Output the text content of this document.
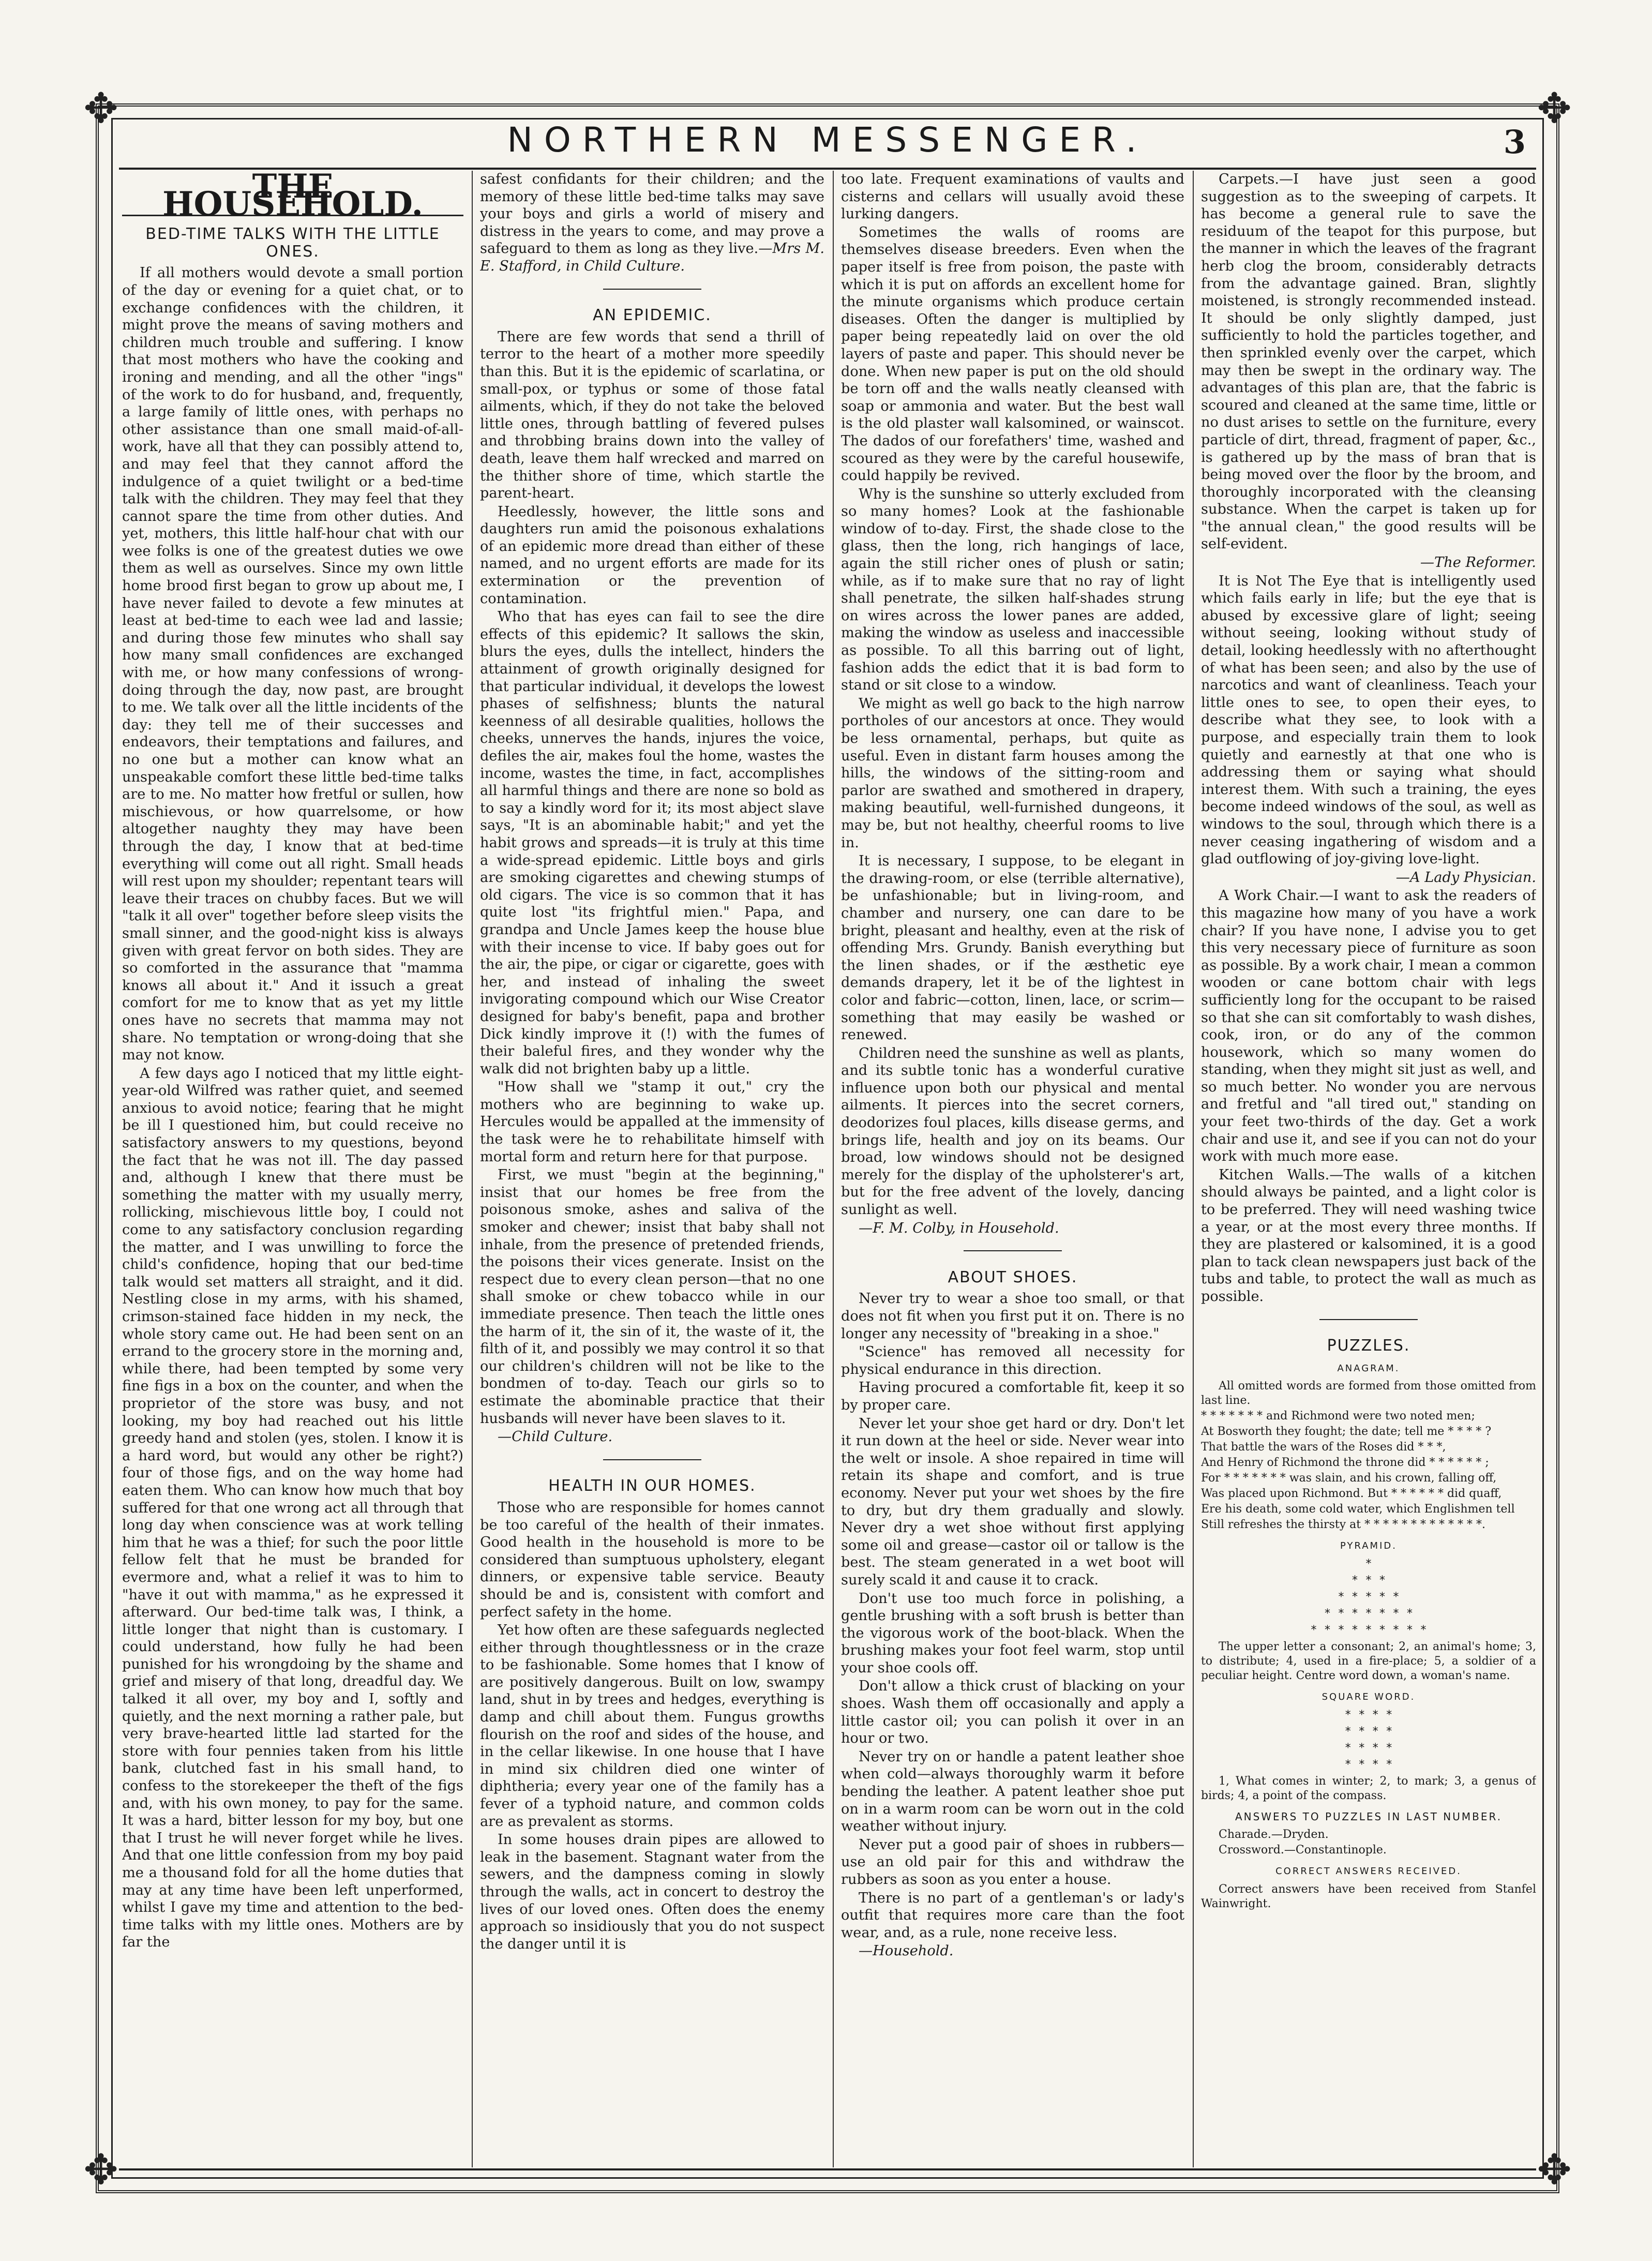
✥	✥
✥	✥
NORTHERN MESSENGER.	3
THE HOUSEHOLD.
BED-TIME TALKS WITH THE LITTLE ONES.

If all mothers would devote a small portion of the day or evening for a quiet chat, or to exchange confidences with the children, it might prove the means of saving mothers and children much trouble and suffering. I know that most mothers who have the cooking and ironing and mending, and all the other "ings" of the work to do for husband, and, frequently, a large family of little ones, with perhaps no other assistance than one small maid-of-all-work, have all that they can possibly attend to, and may feel that they cannot afford the indulgence of a quiet twilight or a bed-time talk with the children. They may feel that they cannot spare the time from other duties. And yet, mothers, this little half-hour chat with our wee folks is one of the greatest duties we owe them as well as ourselves. Since my own little home brood first began to grow up about me, I have never failed to devote a few minutes at least at bed-time to each wee lad and lassie; and during those few minutes who shall say how many small confidences are exchanged with me, or how many confessions of wrong-doing through the day, now past, are brought to me. We talk over all the little incidents of the day: they tell me of their successes and endeavors, their temptations and failures, and no one but a mother can know what an unspeakable comfort these little bed-time talks are to me. No matter how fretful or sullen, how mischievous, or how quarrelsome, or how altogether naughty they may have been through the day, I know that at bed-time everything will come out all right. Small heads will rest upon my shoulder; repentant tears will leave their traces on chubby faces. But we will "talk it all over" together before sleep visits the small sinner, and the good-night kiss is always given with great fervor on both sides. They are so comforted in the assurance that "mamma knows all about it." And it issuch a great comfort for me to know that as yet my little ones have no secrets that mamma may not share. No temptation or wrong-doing that she may not know.

A few days ago I noticed that my little eight-year-old Wilfred was rather quiet, and seemed anxious to avoid notice; fearing that he might be ill I questioned him, but could receive no satisfactory answers to my questions, beyond the fact that he was not ill. The day passed and, although I knew that there must be something the matter with my usually merry, rollicking, mischievous little boy, I could not come to any satisfactory conclusion regarding the matter, and I was unwilling to force the child's confidence, hoping that our bed-time talk would set matters all straight, and it did. Nestling close in my arms, with his shamed, crimson-stained face hidden in my neck, the whole story came out. He had been sent on an errand to the grocery store in the morning and, while there, had been tempted by some very fine figs in a box on the counter, and when the proprietor of the store was busy, and not looking, my boy had reached out his little greedy hand and stolen (yes, stolen. I know it is a hard word, but would any other be right?) four of those figs, and on the way home had eaten them. Who can know how much that boy suffered for that one wrong act all through that long day when conscience was at work telling him that he was a thief; for such the poor little fellow felt that he must be branded for evermore and, what a relief it was to him to "have it out with mamma," as he expressed it afterward. Our bed-time talk was, I think, a little longer that night than is customary. I could understand, how fully he had been punished for his wrongdoing by the shame and grief and misery of that long, dreadful day. We talked it all over, my boy and I, softly and quietly, and the next morning a rather pale, but very brave-hearted little lad started for the store with four pennies taken from his little bank, clutched fast in his small hand, to confess to the storekeeper the theft of the figs and, with his own money, to pay for the same. It was a hard, bitter lesson for my boy, but one that I trust he will never forget while he lives. And that one little confession from my boy paid me a thousand fold for all the home duties that may at any time have been left unperformed, whilst I gave my time and attention to the bed-time talks with my little ones. Mothers are by far the

safest confidants for their children; and the memory of these little bed-time talks may save your boys and girls a world of misery and distress in the years to come, and may prove a safeguard to them as long as they live.—Mrs M. E. Stafford, in Child Culture.

AN EPIDEMIC.

There are few words that send a thrill of terror to the heart of a mother more speedily than this. But it is the epidemic of scarlatina, or small-pox, or typhus or some of those fatal ailments, which, if they do not take the beloved little ones, through battling of fevered pulses and throbbing brains down into the valley of death, leave them half wrecked and marred on the thither shore of time, which startle the parent-heart.

Heedlessly, however, the little sons and daughters run amid the poisonous exhalations of an epidemic more dread than either of these named, and no urgent efforts are made for its extermination or the prevention of contamination.

Who that has eyes can fail to see the dire effects of this epidemic? It sallows the skin, blurs the eyes, dulls the intellect, hinders the attainment of growth originally designed for that particular individual, it develops the lowest phases of selfishness; blunts the natural keenness of all desirable qualities, hollows the cheeks, unnerves the hands, injures the voice, defiles the air, makes foul the home, wastes the income, wastes the time, in fact, accomplishes all harmful things and there are none so bold as to say a kindly word for it; its most abject slave says, "It is an abominable habit;" and yet the habit grows and spreads—it is truly at this time a wide-spread epidemic. Little boys and girls are smoking cigarettes and chewing stumps of old cigars. The vice is so common that it has quite lost "its frightful mien." Papa, and grandpa and Uncle James keep the house blue with their incense to vice. If baby goes out for the air, the pipe, or cigar or cigarette, goes with her, and instead of inhaling the sweet invigorating compound which our Wise Creator designed for baby's benefit, papa and brother Dick kindly improve it (!) with the fumes of their baleful fires, and they wonder why the walk did not brighten baby up a little.

"How shall we "stamp it out," cry the mothers who are beginning to wake up. Hercules would be appalled at the immensity of the task were he to rehabilitate himself with mortal form and return here for that purpose.

First, we must "begin at the beginning," insist that our homes be free from the poisonous smoke, ashes and saliva of the smoker and chewer; insist that baby shall not inhale, from the presence of pretended friends, the poisons their vices generate. Insist on the respect due to every clean person—that no one shall smoke or chew tobacco while in our immediate presence. Then teach the little ones the harm of it, the sin of it, the waste of it, the filth of it, and possibly we may control it so that our children's children will not be like to the bondmen of to-day. Teach our girls so to estimate the abominable practice that their husbands will never have been slaves to it.

—Child Culture.

HEALTH IN OUR HOMES.

Those who are responsible for homes cannot be too careful of the health of their inmates. Good health in the household is more to be considered than sumptuous upholstery, elegant dinners, or expensive table service. Beauty should be and is, consistent with comfort and perfect safety in the home.

Yet how often are these safeguards neglected either through thoughtlessness or in the craze to be fashionable. Some homes that I know of are positively dangerous. Built on low, swampy land, shut in by trees and hedges, everything is damp and chill about them. Fungus growths flourish on the roof and sides of the house, and in the cellar likewise. In one house that I have in mind six children died one winter of diphtheria; every year one of the family has a fever of a typhoid nature, and common colds are as prevalent as storms.

In some houses drain pipes are allowed to leak in the basement. Stagnant water from the sewers, and the dampness coming in slowly through the walls, act in concert to destroy the lives of our loved ones. Often does the enemy approach so insidiously that you do not suspect the danger until it is

too late. Frequent examinations of vaults and cisterns and cellars will usually avoid these lurking dangers.

Sometimes the walls of rooms are themselves disease breeders. Even when the paper itself is free from poison, the paste with which it is put on affords an excellent home for the minute organisms which produce certain diseases. Often the danger is multiplied by paper being repeatedly laid on over the old layers of paste and paper. This should never be done. When new paper is put on the old should be torn off and the walls neatly cleansed with soap or ammonia and water. But the best wall is the old plaster wall kalsomined, or wainscot. The dados of our forefathers' time, washed and scoured as they were by the careful housewife, could happily be revived.

Why is the sunshine so utterly excluded from so many homes? Look at the fashionable window of to-day. First, the shade close to the glass, then the long, rich hangings of lace, again the still richer ones of plush or satin; while, as if to make sure that no ray of light shall penetrate, the silken half-shades strung on wires across the lower panes are added, making the window as useless and inaccessible as possible. To all this barring out of light, fashion adds the edict that it is bad form to stand or sit close to a window.

We might as well go back to the high narrow portholes of our ancestors at once. They would be less ornamental, perhaps, but quite as useful. Even in distant farm houses among the hills, the windows of the sitting-room and parlor are swathed and smothered in drapery, making beautiful, well-furnished dungeons, it may be, but not healthy, cheerful rooms to live in.

It is necessary, I suppose, to be elegant in the drawing-room, or else (terrible alternative), be unfashionable; but in living-room, and chamber and nursery, one can dare to be bright, pleasant and healthy, even at the risk of offending Mrs. Grundy. Banish everything but the linen shades, or if the æsthetic eye demands drapery, let it be of the lightest in color and fabric—cotton, linen, lace, or scrim—something that may easily be washed or renewed.

Children need the sunshine as well as plants, and its subtle tonic has a wonderful curative influence upon both our physical and mental ailments. It pierces into the secret corners, deodorizes foul places, kills disease germs, and brings life, health and joy on its beams. Our broad, low windows should not be designed merely for the display of the upholsterer's art, but for the free advent of the lovely, dancing sunlight as well.

—F. M. Colby, in Household.

ABOUT SHOES.

Never try to wear a shoe too small, or that does not fit when you first put it on. There is no longer any necessity of "breaking in a shoe."

"Science" has removed all necessity for physical endurance in this direction.

Having procured a comfortable fit, keep it so by proper care.

Never let your shoe get hard or dry. Don't let it run down at the heel or side. Never wear into the welt or insole. A shoe repaired in time will retain its shape and comfort, and is true economy. Never put your wet shoes by the fire to dry, but dry them gradually and slowly. Never dry a wet shoe without first applying some oil and grease—castor oil or tallow is the best. The steam generated in a wet boot will surely scald it and cause it to crack.

Don't use too much force in polishing, a gentle brushing with a soft brush is better than the vigorous work of the boot-black. When the brushing makes your foot feel warm, stop until your shoe cools off.

Don't allow a thick crust of blacking on your shoes. Wash them off occasionally and apply a little castor oil; you can polish it over in an hour or two.

Never try on or handle a patent leather shoe when cold—always thoroughly warm it before bending the leather. A patent leather shoe put on in a warm room can be worn out in the cold weather without injury.

Never put a good pair of shoes in rubbers—use an old pair for this and withdraw the rubbers as soon as you enter a house.

There is no part of a gentleman's or lady's outfit that requires more care than the foot wear, and, as a rule, none receive less.

—Household.

Carpets.—I have just seen a good suggestion as to the sweeping of carpets. It has become a general rule to save the residuum of the teapot for this purpose, but the manner in which the leaves of the fragrant herb clog the broom, considerably detracts from the advantage gained. Bran, slightly moistened, is strongly recommended instead. It should be only slightly damped, just sufficiently to hold the particles together, and then sprinkled evenly over the carpet, which may then be swept in the ordinary way. The advantages of this plan are, that the fabric is scoured and cleaned at the same time, little or no dust arises to settle on the furniture, every particle of dirt, thread, fragment of paper, &c., is gathered up by the mass of bran that is being moved over the floor by the broom, and thoroughly incorporated with the cleansing substance. When the carpet is taken up for "the annual clean," the good results will be self-evident.

—The Reformer.

It is Not The Eye that is intelligently used which fails early in life; but the eye that is abused by excessive glare of light; seeing without seeing, looking without study of detail, looking heedlessly with no afterthought of what has been seen; and also by the use of narcotics and want of cleanliness. Teach your little ones to see, to open their eyes, to describe what they see, to look with a purpose, and especially train them to look quietly and earnestly at that one who is addressing them or saying what should interest them. With such a training, the eyes become indeed windows of the soul, as well as windows to the soul, through which there is a never ceasing ingathering of wisdom and a glad outflowing of joy-giving love-light.

—A Lady Physician.

A Work Chair.—I want to ask the readers of this magazine how many of you have a work chair? If you have none, I advise you to get this very necessary piece of furniture as soon as possible. By a work chair, I mean a common wooden or cane bottom chair with legs sufficiently long for the occupant to be raised so that she can sit comfortably to wash dishes, cook, iron, or do any of the common housework, which so many women do standing, when they might sit just as well, and so much better. No wonder you are nervous and fretful and "all tired out," standing on your feet two-thirds of the day. Get a work chair and use it, and see if you can not do your work with much more ease.

Kitchen Walls.—The walls of a kitchen should always be painted, and a light color is to be preferred. They will need washing twice a year, or at the most every three months. If they are plastered or kalsomined, it is a good plan to tack clean newspapers just back of the tubs and table, to protect the wall as much as possible.

PUZZLES.
ANAGRAM.

All omitted words are formed from those omitted from last line.

* * * * * * * and Richmond were two noted men;

At Bosworth they fought; the date; tell me * * * * ?

That battle the wars of the Roses did * * *,

And Henry of Richmond the throne did * * * * * * ;

For * * * * * * * was slain, and his crown, falling off,

Was placed upon Richmond. But * * * * * * did quaff,

Ere his death, some cold water, which Englishmen tell

Still refreshes the thirsty at * * * * * * * * * * * * *.

PYRAMID.
*
* * *
* * * * *
* * * * * * *
* * * * * * * * *

The upper letter a consonant; 2, an animal's home; 3, to distribute; 4, used in a fire-place; 5, a soldier of a peculiar height. Centre word down, a woman's name.

SQUARE WORD.
* * * *
* * * *
* * * *
* * * *

1, What comes in winter; 2, to mark; 3, a genus of birds; 4, a point of the compass.

ANSWERS TO PUZZLES IN LAST NUMBER.

Charade.—Dryden.

Crossword.—Constantinople.

CORRECT ANSWERS RECEIVED.

Correct answers have been received from Stanfel Wainwright.
